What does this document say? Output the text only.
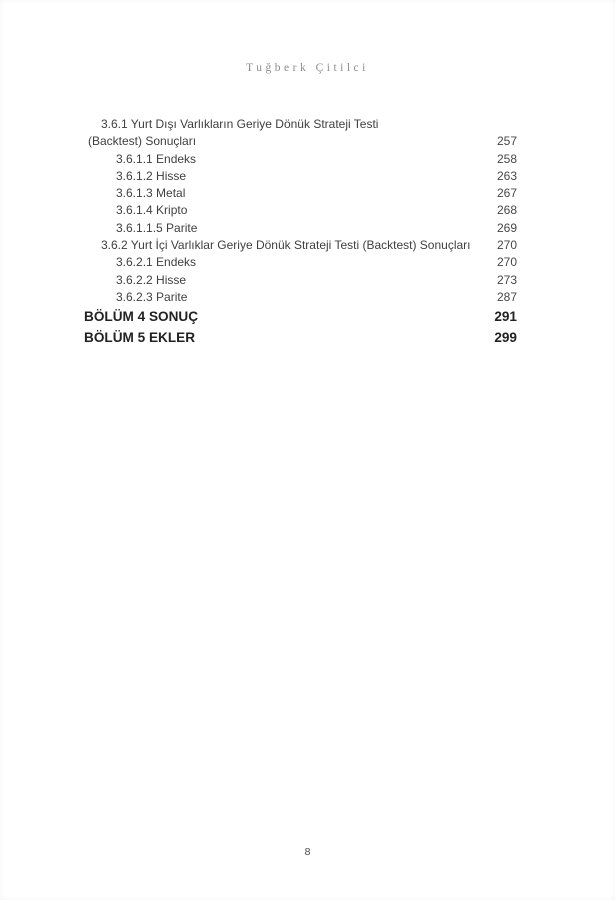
Tuğberk Çitilci
3.6.1 Yurt Dışı Varlıkların Geriye Dönük Strateji Testi
(Backtest) Sonuçları	257
3.6.1.1 Endeks	258
3.6.1.2 Hisse	263
3.6.1.3 Metal	267
3.6.1.4 Kripto	268
3.6.1.1.5 Parite	269
3.6.2 Yurt İçi Varlıklar Geriye Dönük Strateji Testi (Backtest) Sonuçları	270
3.6.2.1 Endeks	270
3.6.2.2 Hisse	273
3.6.2.3 Parite	287
BÖLÜM 4 SONUÇ	291
BÖLÜM 5 EKLER	299
8
